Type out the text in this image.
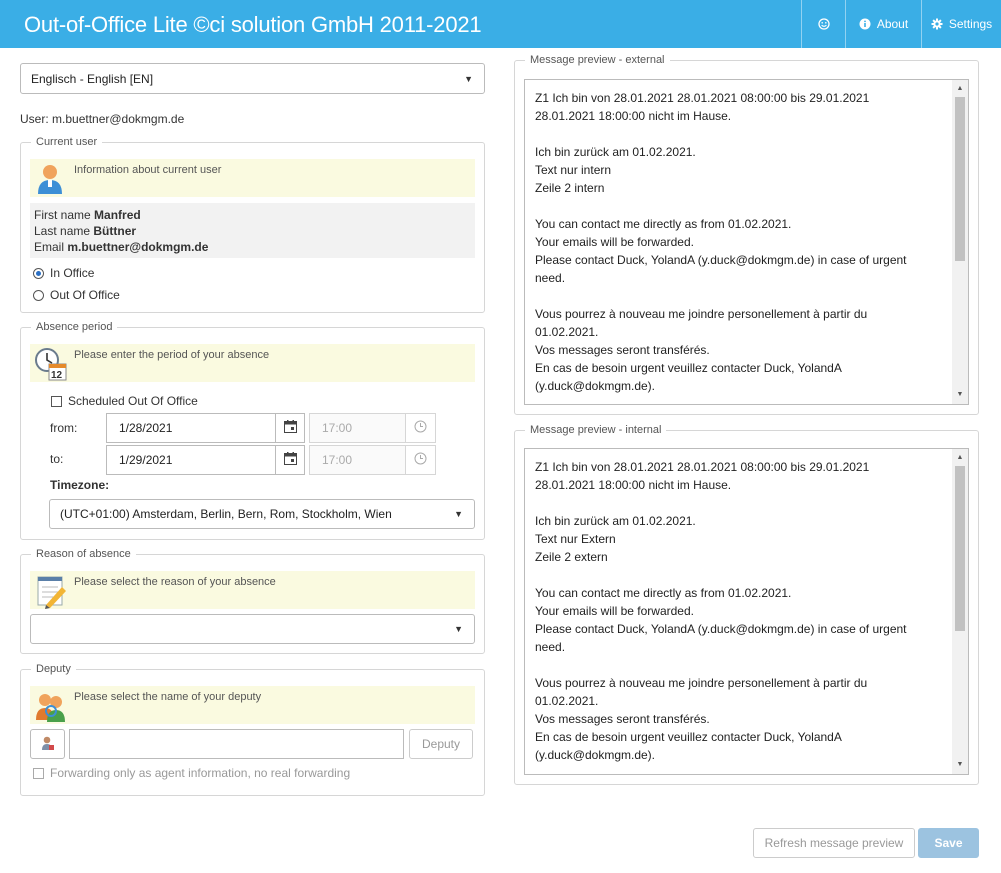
Out-of-Office Lite ©ci solution GmbH 2011-2021	About	Settings
Englisch - English [EN]	▼
User: m.buettner@dokmgm.de
Current user
Information about current user
First name Manfred
Last name Büttner
Email m.buettner@dokmgm.de
In Office
Out Of Office
Absence period
12
Please enter the period of your absence
Scheduled Out Of Office
from:	1/28/2021	17:00
to:	1/29/2021	17:00
Timezone:
(UTC+01:00) Amsterdam, Berlin, Bern, Rom, Stockholm, Wien	▼
Reason of absence
Please select the reason of your absence
▼
Deputy
Please select the name of your deputy
Deputy
Forwarding only as agent information, no real forwarding
Message preview - external
Z1 Ich bin von 28.01.2021 28.01.2021 08:00:00 bis 29.01.2021
28.01.2021 18:00:00 nicht im Hause.

Ich bin zurück am 01.02.2021.
Text nur intern
Zeile 2 intern

You can contact me directly as from 01.02.2021.
Your emails will be forwarded.
Please contact Duck, YolandA (y.duck@dokmgm.de) in case of urgent
need.

Vous pourrez à nouveau me joindre personellement à partir du
01.02.2021.
Vos messages seront transférés.
En cas de besoin urgent veuillez contacter Duck, YolandA
(y.duck@dokmgm.de).
▲
▼
Message preview - internal
Z1 Ich bin von 28.01.2021 28.01.2021 08:00:00 bis 29.01.2021
28.01.2021 18:00:00 nicht im Hause.

Ich bin zurück am 01.02.2021.
Text nur Extern
Zeile 2 extern

You can contact me directly as from 01.02.2021.
Your emails will be forwarded.
Please contact Duck, YolandA (y.duck@dokmgm.de) in case of urgent
need.

Vous pourrez à nouveau me joindre personellement à partir du
01.02.2021.
Vos messages seront transférés.
En cas de besoin urgent veuillez contacter Duck, YolandA
(y.duck@dokmgm.de).
▲
▼
Refresh message preview	Save
